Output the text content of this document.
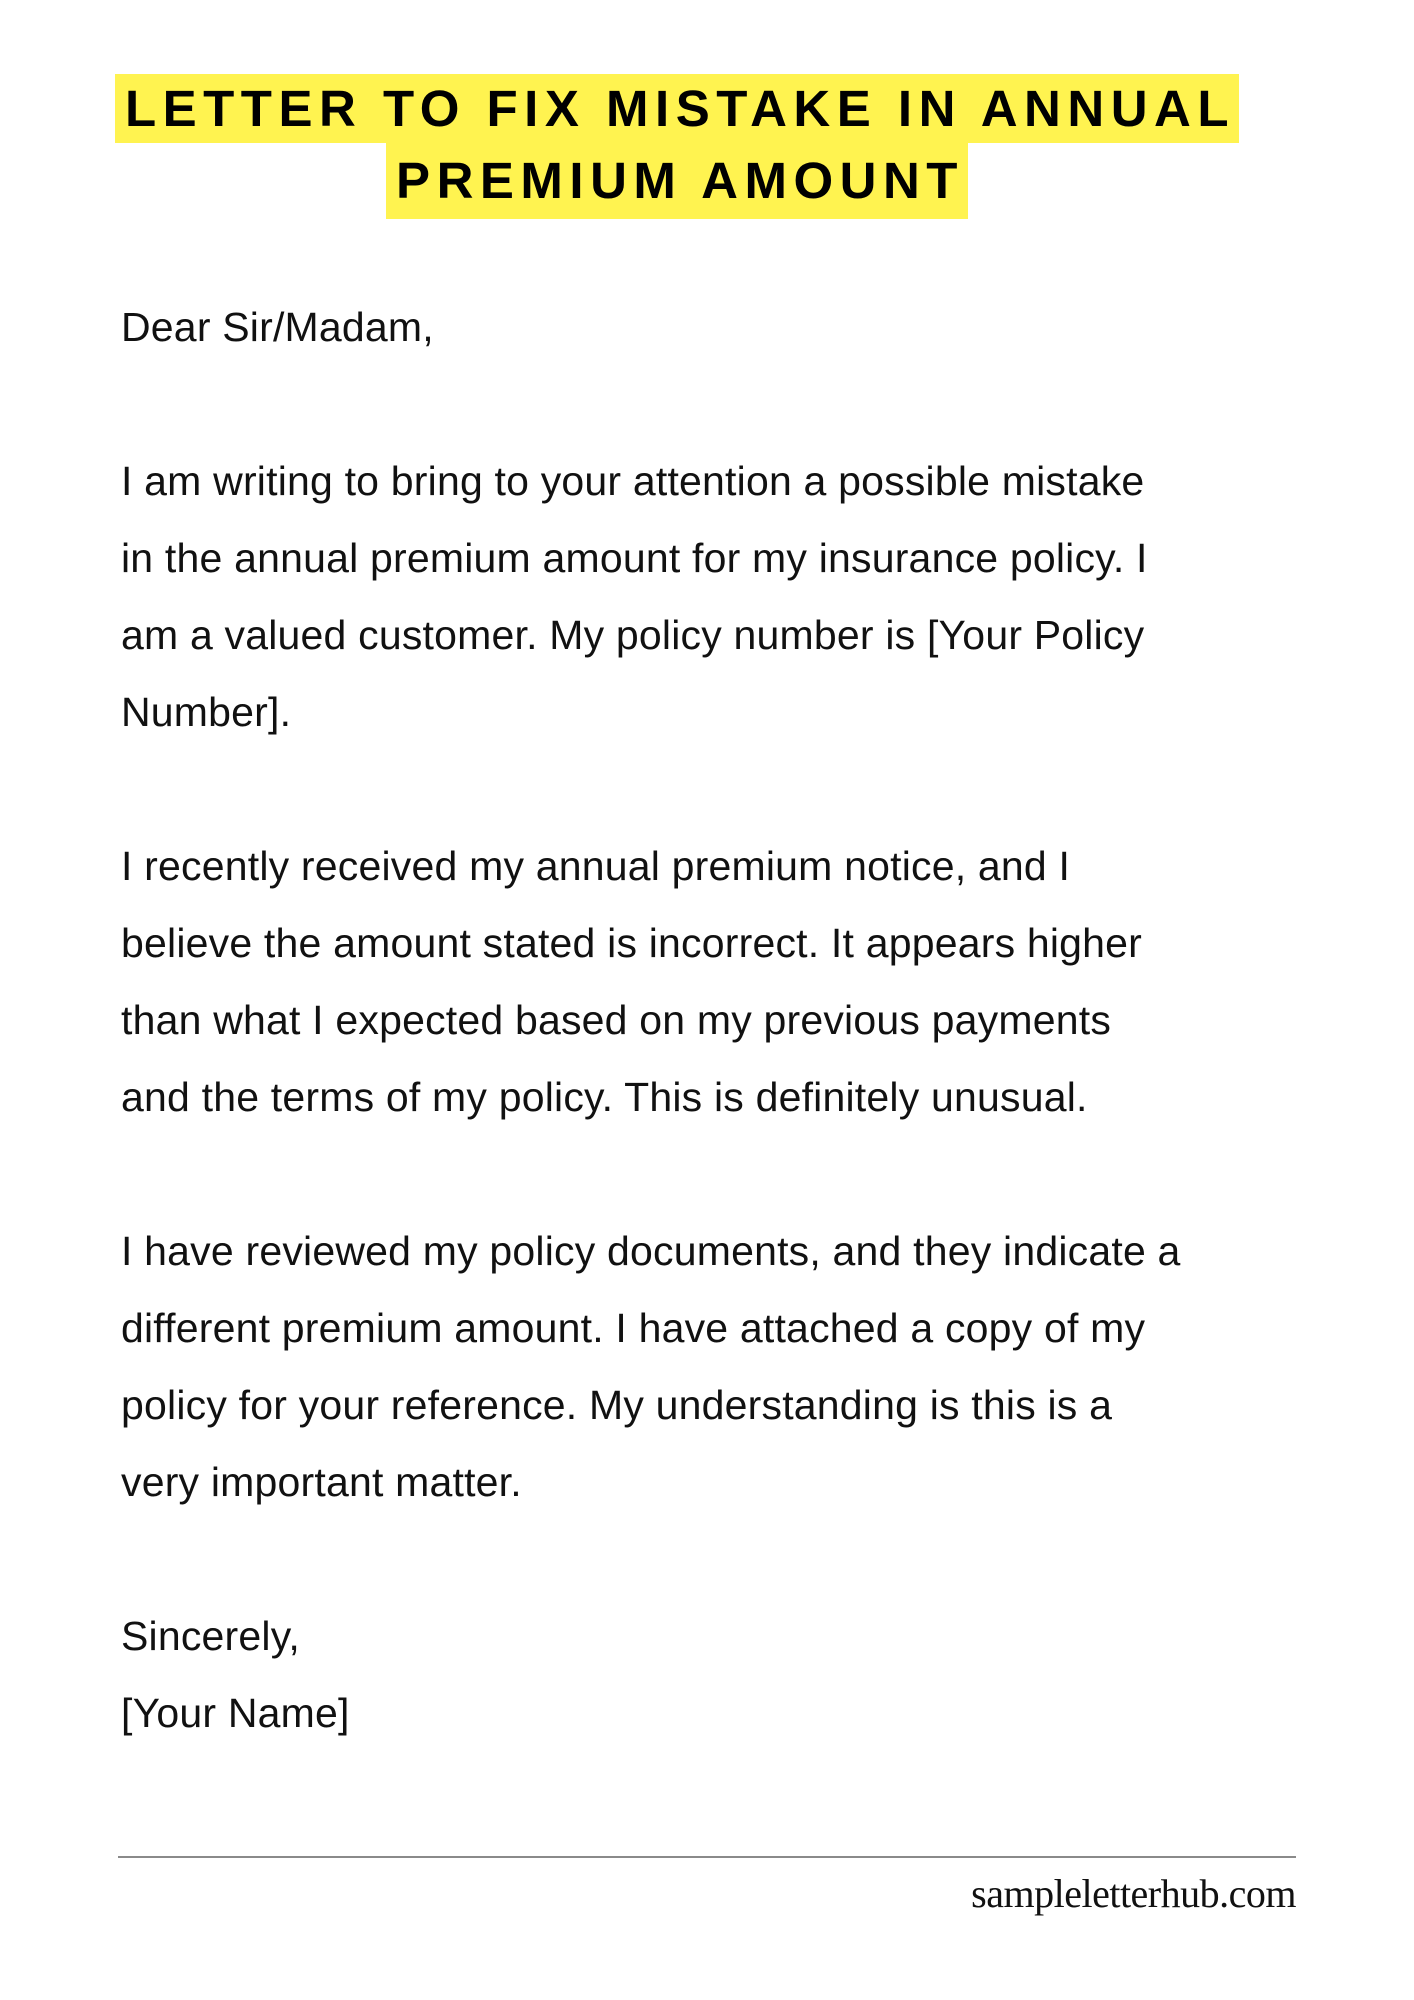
LETTER TO FIX MISTAKE IN ANNUAL
PREMIUM AMOUNT
Dear Sir/Madam,
I am writing to bring to your attention a possible mistake
in the annual premium amount for my insurance policy. I
am a valued customer. My policy number is [Your Policy
Number].
I recently received my annual premium notice, and I
believe the amount stated is incorrect. It appears higher
than what I expected based on my previous payments
and the terms of my policy. This is definitely unusual.
I have reviewed my policy documents, and they indicate a
different premium amount. I have attached a copy of my
policy for your reference. My understanding is this is a
very important matter.
Sincerely,
[Your Name]
sampleletterhub.com
